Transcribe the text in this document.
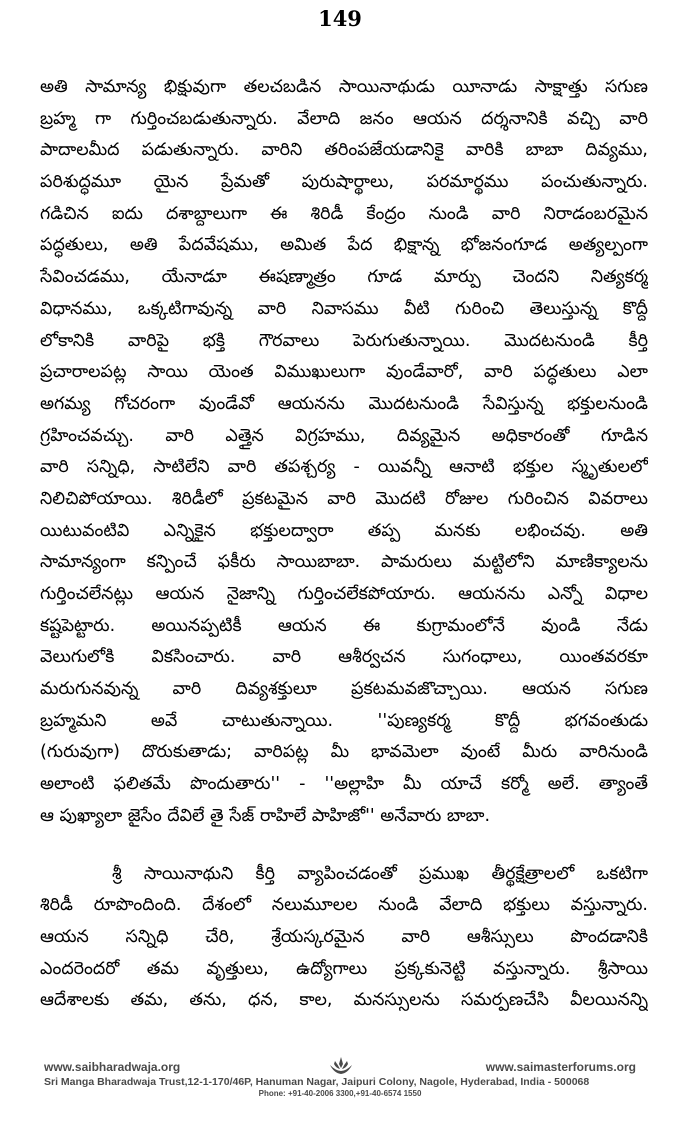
149
అతి సామాన్య భిక్షువుగా తలచబడిన సాయినాథుడు యీనాడు సాక్షాత్తు సగుణ
బ్రహ్మ గా గుర్తించబడుతున్నారు. వేలాది జనం ఆయన దర్శనానికి వచ్చి వారి
పాదాలమీద పడుతున్నారు. వారిని తరింపజేయడానికై వారికి బాబా దివ్యము,
పరిశుద్ధమూ యైన ప్రేమతో పురుషార్థాలు, పరమార్థము పంచుతున్నారు.
గడిచిన ఐదు దశాబ్దాలుగా ఈ శిరిడీ కేంద్రం నుండి వారి నిరాడంబరమైన
పద్ధతులు, అతి పేదవేషము, అమిత పేద భిక్షాన్న భోజనంగూడ అత్యల్పంగా
సేవించడము, యేనాడూ ఈషణ్మాత్రం గూడ మార్పు చెందని నిత్యకర్మ
విధానము, ఒక్కటిగావున్న వారి నివాసము వీటి గురించి తెలుస్తున్న కొద్దీ
లోకానికి వారిపై భక్తి గౌరవాలు పెరుగుతున్నాయి. మొదటనుండి కీర్తి
ప్రచారాలపట్ల సాయి యెంత విముఖులుగా వుండేవారో, వారి పద్ధతులు ఎలా
అగమ్య గోచరంగా వుండేవో ఆయనను మొదటనుండి సేవిస్తున్న భక్తులనుండి
గ్రహించవచ్చు. వారి ఎత్తైన విగ్రహము, దివ్యమైన అధికారంతో గూడిన
వారి సన్నిధి, సాటిలేని వారి తపశ్చర్య - యివన్నీ ఆనాటి భక్తుల స్మృతులలో
నిలిచిపోయాయి. శిరిడీలో ప్రకటమైన వారి మొదటి రోజుల గురించిన వివరాలు
యిటువంటివి ఎన్నికైన భక్తులద్వారా తప్ప మనకు లభించవు. అతి
సామాన్యంగా కన్పించే ఫకీరు సాయిబాబా. పామరులు మట్టిలోని మాణిక్యాలను
గుర్తించలేనట్లు ఆయన నైజాన్ని గుర్తించలేకపోయారు. ఆయనను ఎన్నో విధాల
కష్టపెట్టారు. అయినప్పటికీ ఆయన ఈ కుగ్రామంలోనే వుండి నేడు
వెలుగులోకి వికసించారు. వారి ఆశీర్వచన సుగంధాలు, యింతవరకూ
మరుగునవున్న వారి దివ్యశక్తులూ ప్రకటమవజొచ్చాయి. ఆయన సగుణ
బ్రహ్మమని అవే చాటుతున్నాయి. ''పుణ్యకర్మ కొద్దీ భగవంతుడు
(గురువుగా) దొరుకుతాడు; వారిపట్ల మీ భావమెలా వుంటే మీరు వారినుండి
అలాంటి ఫలితమే పొందుతారు'' - ''అల్లాహి మీ యాచే కర్మో అలే. త్యాంతే
ఆ పుఖ్యాలా జైసేం దేవిలే తై సేజ్ రాహిలే పాహిజో'' అనేవారు బాబా.
శ్రీ సాయినాథుని కీర్తి వ్యాపించడంతో ప్రముఖ తీర్థక్షేత్రాలలో ఒకటిగా
శిరిడీ రూపొందింది. దేశంలో నలుమూలల నుండి వేలాది భక్తులు వస్తున్నారు.
ఆయన సన్నిధి చేరి, శ్రేయస్కరమైన వారి ఆశీస్సులు పొందడానికి
ఎందరెందరో తమ వృత్తులు, ఉద్యోగాలు ప్రక్కకునెట్టి వస్తున్నారు. శ్రీసాయి
ఆదేశాలకు తమ, తను, ధన, కాల, మనస్సులను సమర్పణచేసి వీలయినన్ని
www.saibharadwaja.org	www.saimasterforums.org
Sri Manga Bharadwaja Trust,12-1-170/46P, Hanuman Nagar, Jaipuri Colony, Nagole, Hyderabad, India - 500068
Phone: +91-40-2006 3300,+91-40-6574 1550
